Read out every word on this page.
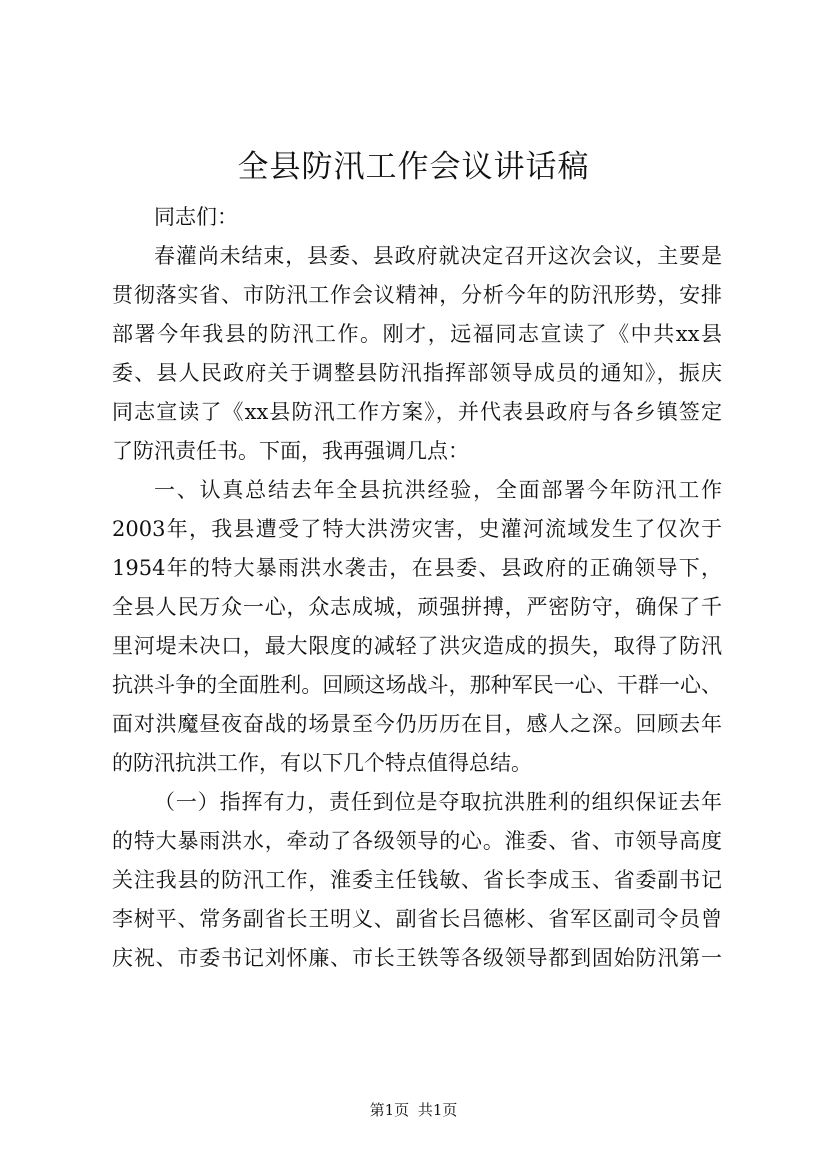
全县防汛工作会议讲话稿
同志们：
春灌尚未结束，县委、县政府就决定召开这次会议，主要是
贯彻落实省、市防汛工作会议精神，分析今年的防汛形势，安排
部署今年我县的防汛工作。刚才，远福同志宣读了《中共xx县
委、县人民政府关于调整县防汛指挥部领导成员的通知》，振庆
同志宣读了《xx县防汛工作方案》，并代表县政府与各乡镇签定
了防汛责任书。下面，我再强调几点：
一、认真总结去年全县抗洪经验，全面部署今年防汛工作
2003年，我县遭受了特大洪涝灾害，史灌河流域发生了仅次于
1954年的特大暴雨洪水袭击，在县委、县政府的正确领导下，
全县人民万众一心，众志成城，顽强拼搏，严密防守，确保了千
里河堤未决口，最大限度的减轻了洪灾造成的损失，取得了防汛
抗洪斗争的全面胜利。回顾这场战斗，那种军民一心、干群一心、
面对洪魔昼夜奋战的场景至今仍历历在目，感人之深。回顾去年
的防汛抗洪工作，有以下几个特点值得总结。
（一）指挥有力，责任到位是夺取抗洪胜利的组织保证去年
的特大暴雨洪水，牵动了各级领导的心。淮委、省、市领导高度
关注我县的防汛工作，淮委主任钱敏、省长李成玉、省委副书记
李树平、常务副省长王明义、副省长吕德彬、省军区副司令员曾
庆祝、市委书记刘怀廉、市长王铁等各级领导都到固始防汛第一
第1页 共1页
